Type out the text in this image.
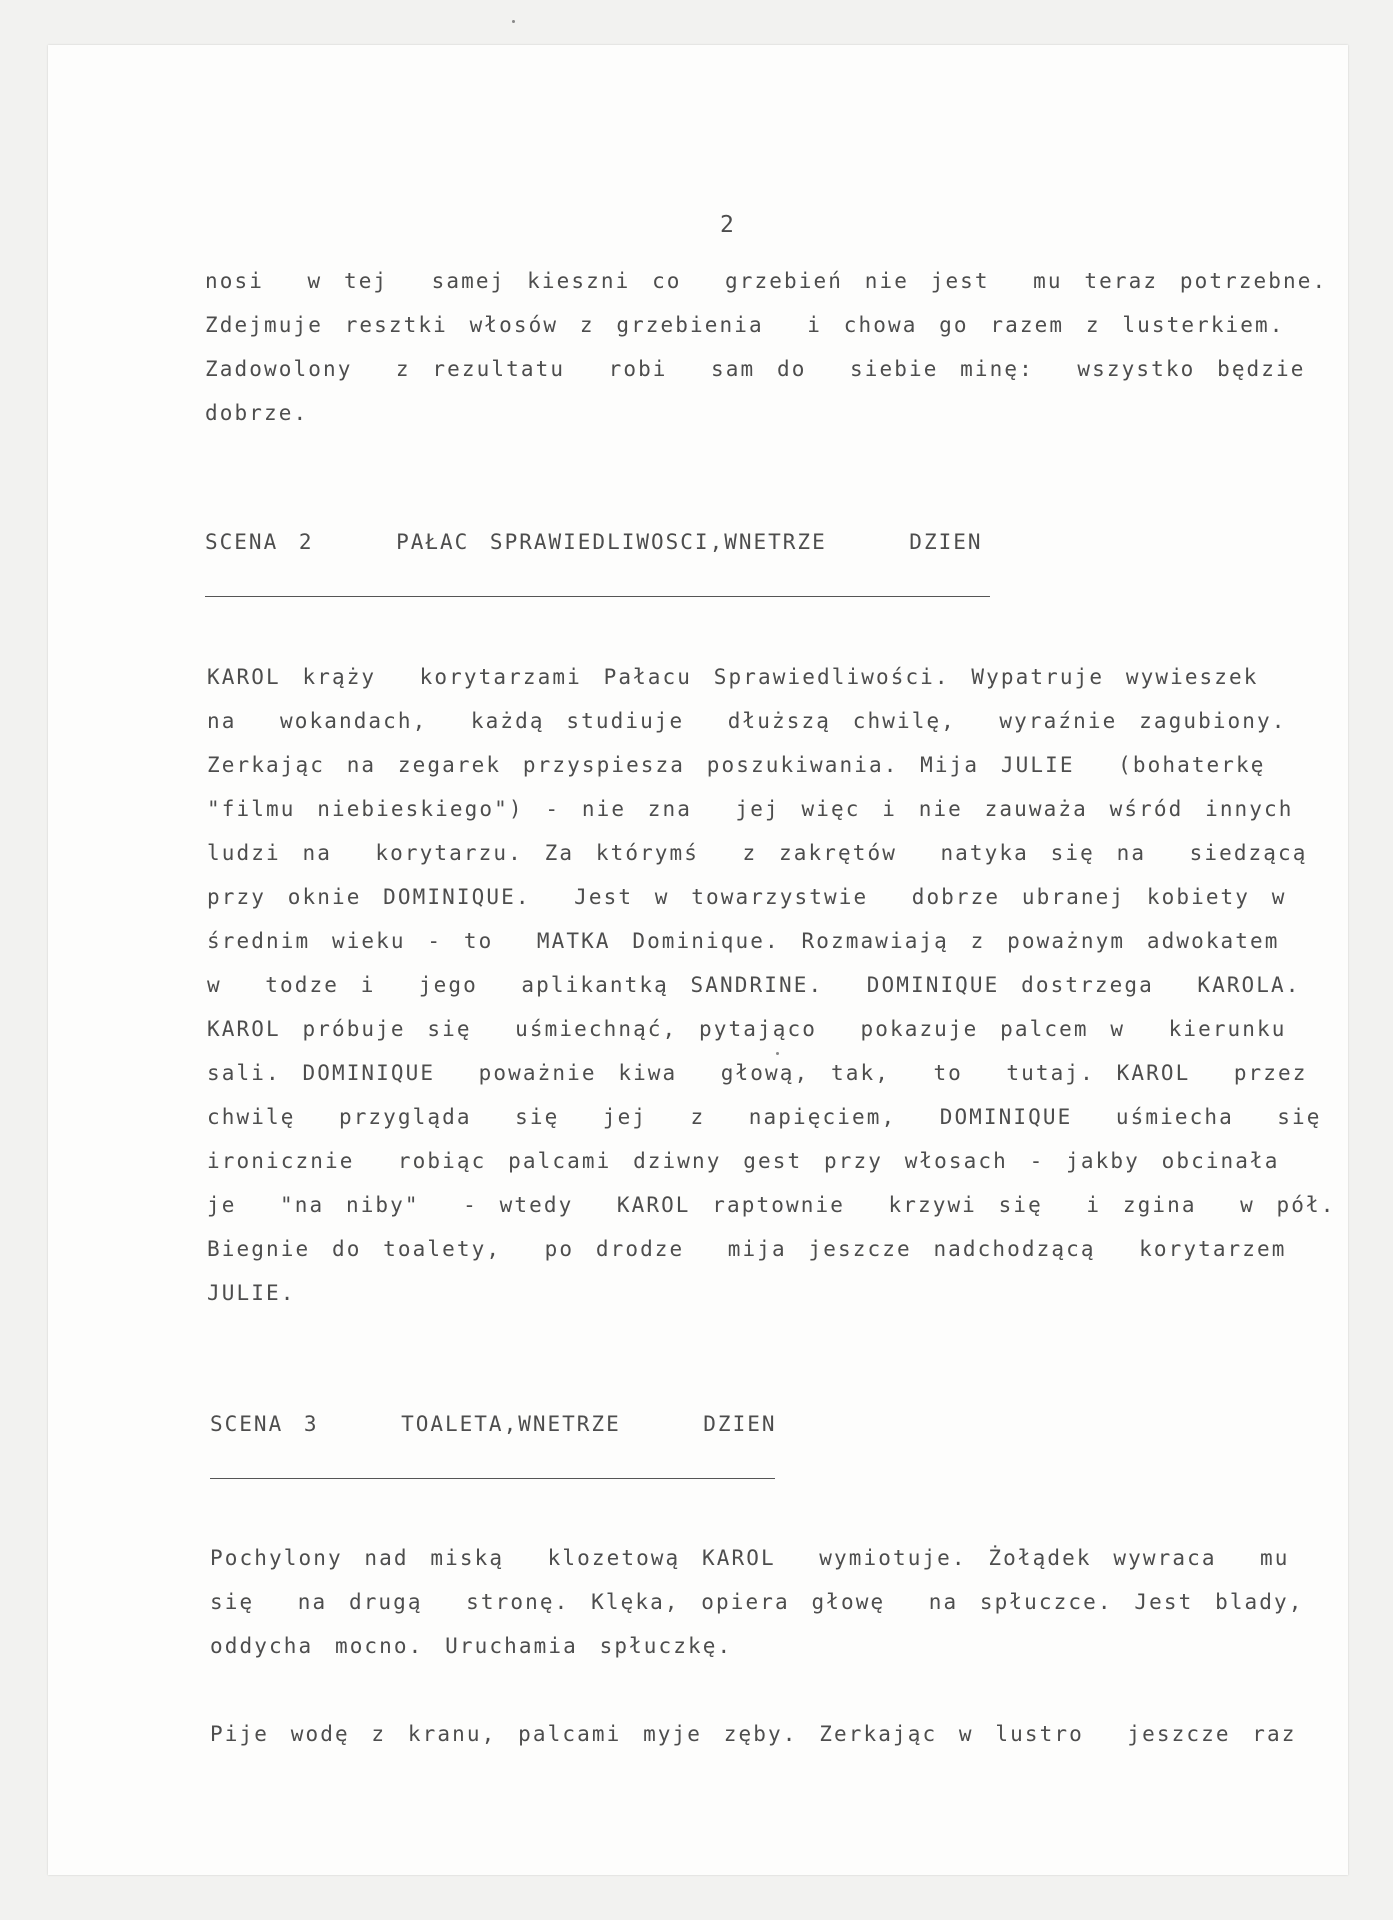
2
nosi  w tej  samej kieszni co  grzebień nie jest  mu teraz potrzebne.
Zdejmuje resztki włosów z grzebienia  i chowa go razem z lusterkiem.
Zadowolony  z rezultatu  robi  sam do  siebie minę:  wszystko będzie
dobrze.
SCENA 2    PAŁAC SPRAWIEDLIWOSCI,WNETRZE    DZIEN
KAROL krąży  korytarzami Pałacu Sprawiedliwości. Wypatruje wywieszek
na  wokandach,  każdą studiuje  dłuższą chwilę,  wyraźnie zagubiony.
Zerkając na zegarek przyspiesza poszukiwania. Mija JULIE  (bohaterkę
"filmu niebieskiego") - nie zna  jej więc i nie zauważa wśród innych
ludzi na  korytarzu. Za którymś  z zakrętów  natyka się na  siedzącą
przy oknie DOMINIQUE.  Jest w towarzystwie  dobrze ubranej kobiety w
średnim wieku - to  MATKA Dominique. Rozmawiają z poważnym adwokatem
w  todze i  jego  aplikantką SANDRINE.  DOMINIQUE dostrzega  KAROLA.
KAROL próbuje się  uśmiechnąć, pytająco  pokazuje palcem w  kierunku
sali. DOMINIQUE  poważnie kiwa  głową, tak,  to  tutaj. KAROL  przez
chwilę  przygląda  się  jej  z  napięciem,  DOMINIQUE  uśmiecha  się
ironicznie  robiąc palcami dziwny gest przy włosach - jakby obcinała
je  "na niby"  - wtedy  KAROL raptownie  krzywi się  i zgina  w pół.
Biegnie do toalety,  po drodze  mija jeszcze nadchodzącą  korytarzem
JULIE.
SCENA 3    TOALETA,WNETRZE    DZIEN
Pochylony nad miską  klozetową KAROL  wymiotuje. Żołądek wywraca  mu
się  na drugą  stronę. Klęka, opiera głowę  na spłuczce. Jest blady,
oddycha mocno. Uruchamia spłuczkę.
Pije wodę z kranu, palcami myje zęby. Zerkając w lustro  jeszcze raz
